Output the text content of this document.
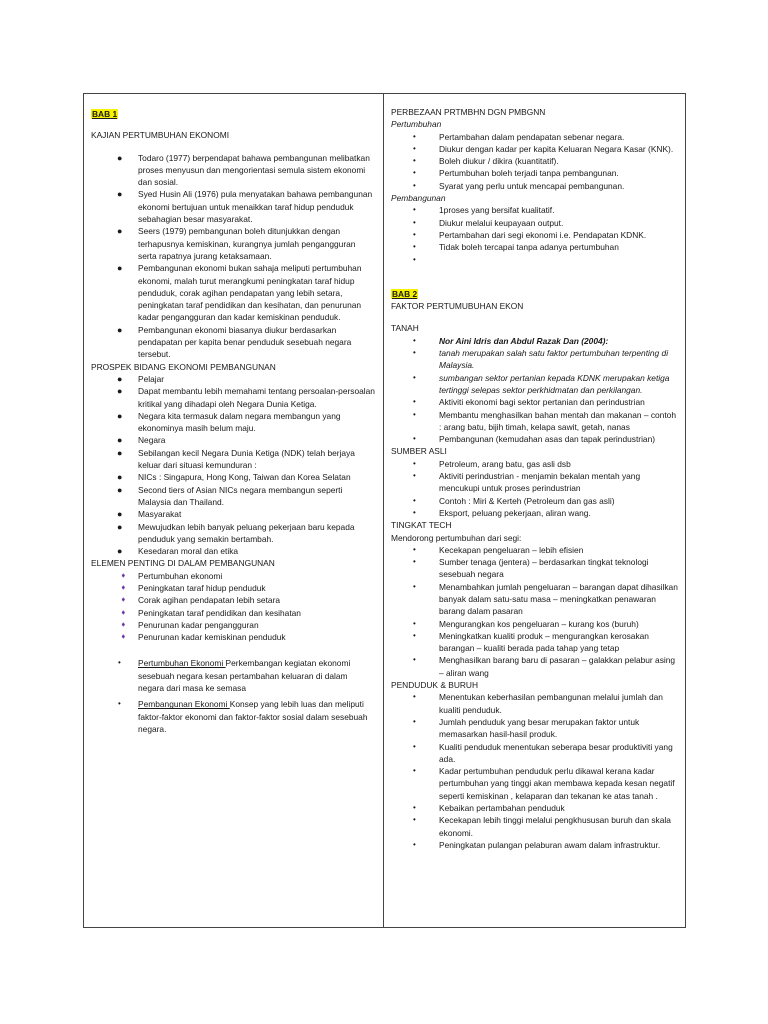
BAB 1
KAJIAN PERTUMBUHAN EKONOMI
● Todaro (1977) berpendapat bahawa pembangunan melibatkan proses menyusun dan mengorientasi semula sistem ekonomi dan sosial.
● Syed Husin Ali (1976) pula menyatakan bahawa pembangunan ekonomi bertujuan untuk menaikkan taraf hidup penduduk sebahagian besar masyarakat.
● Seers (1979) pembangunan boleh ditunjukkan dengan terhapusnya kemiskinan, kurangnya jumlah pengangguran serta rapatnya jurang ketaksamaan.
● Pembangunan ekonomi bukan sahaja meliputi pertumbuhan ekonomi, malah turut merangkumi peningkatan taraf hidup penduduk, corak agihan pendapatan yang lebih setara, peningkatan taraf pendidikan dan kesihatan, dan penurunan kadar pengangguran dan kadar kemiskinan penduduk.
● Pembangunan ekonomi biasanya diukur berdasarkan pendapatan per kapita benar penduduk sesebuah negara tersebut.
PROSPEK BIDANG EKONOMI PEMBANGUNAN
● Pelajar
● Dapat membantu lebih memahami tentang persoalan-persoalan kritikal yang dihadapi oleh Negara Dunia Ketiga.
● Negara kita termasuk dalam negara membangun yang ekonominya masih belum maju.
● Negara
● Sebilangan kecil Negara Dunia Ketiga (NDK) telah berjaya keluar dari situasi kemunduran :
● NICs : Singapura, Hong Kong, Taiwan dan Korea Selatan
● Second tiers of Asian NICs negara membangun seperti Malaysia dan Thailand.
● Masyarakat
● Mewujudkan lebih banyak peluang pekerjaan baru kepada penduduk yang semakin bertambah.
● Kesedaran moral dan etika
ELEMEN PENTING DI DALAM PEMBANGUNAN
➧ Pertumbuhan ekonomi
➧ Peningkatan taraf hidup penduduk
➧ Corak agihan pendapatan lebih setara
➧ Peningkatan taraf pendidikan dan kesihatan
➧ Penurunan kadar pengangguran
➧ Penurunan kadar kemiskinan penduduk
• Pertumbuhan Ekonomi Perkembangan kegiatan ekonomi sesebuah negara kesan pertambahan keluaran di dalam negara dari masa ke semasa
• Pembangunan Ekonomi Konsep yang lebih luas dan meliputi faktor-faktor ekonomi dan faktor-faktor sosial dalam sesebuah negara.
PERBEZAAN PRTMBHN DGN PMBGNN
Pertumbuhan
•	Pertambahan dalam pendapatan sebenar negara.
•	Diukur dengan kadar per kapita Keluaran Negara Kasar (KNK).
•	Boleh diukur / dikira (kuantitatif).
•	Pertumbuhan boleh terjadi tanpa pembangunan.
•	Syarat yang perlu untuk mencapai pembangunan.
Pembangunan
•	1proses yang bersifat kualitatif.
•	Diukur melalui keupayaan output.
•	Pertambahan dari segi ekonomi i.e. Pendapatan KDNK.
•	Tidak boleh tercapai tanpa adanya pertumbuhan
•

BAB 2
FAKTOR PERTUMUBUHAN EKON
TANAH
•	Nor Aini Idris dan Abdul Razak Dan (2004):
•	tanah merupakan salah satu faktor pertumbuhan terpenting di Malaysia.
•	sumbangan sektor pertanian kepada KDNK merupakan ketiga tertinggi selepas sektor perkhidmatan dan perkilangan.
•	Aktiviti ekonomi bagi sektor pertanian dan perindustrian
•	Membantu menghasilkan bahan mentah dan makanan – contoh : arang batu, bijih timah, kelapa sawit, getah, nanas
•	Pembangunan (kemudahan asas dan tapak perindustrian)
SUMBER ASLI
•	Petroleum, arang batu, gas asli dsb
•	Aktiviti perindustrian - menjamin bekalan mentah yang mencukupi untuk proses perindustrian
•	Contoh : Miri & Kerteh (Petroleum dan gas asli)
•	Eksport, peluang pekerjaan, aliran wang.
TINGKAT TECH
Mendorong pertumbuhan dari segi:
•	Kecekapan pengeluaran – lebih efisien
•	Sumber tenaga (jentera) – berdasarkan tingkat teknologi sesebuah negara
•	Menambahkan jumlah pengeluaran – barangan dapat dihasilkan banyak dalam satu-satu masa – meningkatkan penawaran barang dalam pasaran
•	Mengurangkan kos pengeluaran – kurang kos (buruh)
•	Meningkatkan kualiti produk – mengurangkan kerosakan barangan – kualiti berada pada tahap yang tetap
•	Menghasilkan barang baru di pasaran – galakkan pelabur asing – aliran wang
PENDUDUK & BURUH
•	Menentukan keberhasilan pembangunan melalui jumlah dan kualiti penduduk.
•	Jumlah penduduk yang besar merupakan faktor untuk memasarkan hasil-hasil produk.
•	Kualiti penduduk menentukan seberapa besar produktiviti yang ada.
•	Kadar pertumbuhan penduduk perlu dikawal kerana kadar pertumbuhan yang tinggi akan membawa kepada kesan negatif seperti kemiskinan , kelaparan dan tekanan ke atas tanah .
•	Kebaikan pertambahan penduduk
•	Kecekapan lebih tinggi melalui pengkhususan buruh dan skala ekonomi.
•	Peningkatan pulangan pelaburan awam dalam infrastruktur.
